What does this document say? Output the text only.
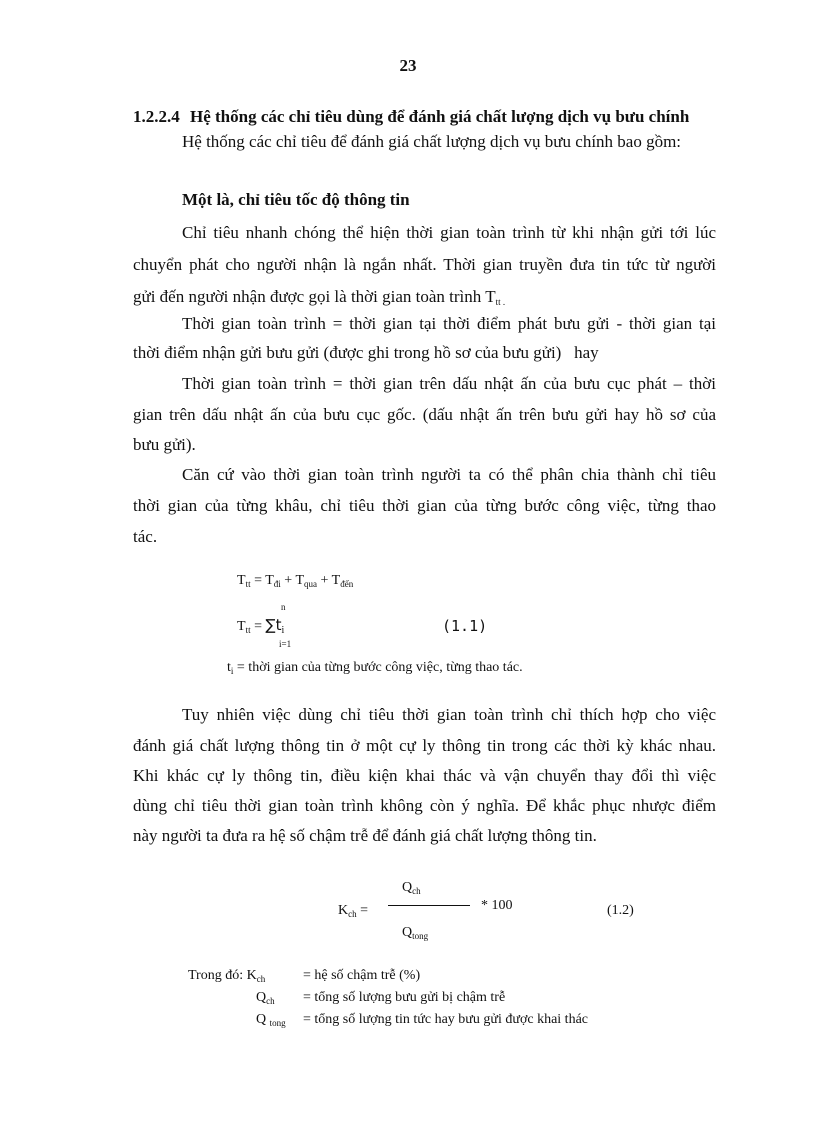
23
1.2.2.4 Hệ thống các chỉ tiêu dùng để đánh giá chất lượng dịch vụ bưu chính
Hệ thống các chỉ tiêu để đánh giá chất lượng dịch vụ bưu chính bao gồm:
Một là, chỉ tiêu tốc độ thông tin
Chỉ tiêu nhanh chóng thể hiện thời gian toàn trình từ khi nhận gửi tới lúc
chuyển phát cho người nhận là ngắn nhất. Thời gian truyền đưa tin tức từ người
gửi đến người nhận được gọi là thời gian toàn trình $T_{tt .}$
Thời gian toàn trình = thời gian tại thời điểm phát bưu gửi - thời gian tại
thời điểm nhận gửi bưu gửi (được ghi trong hồ sơ của bưu gửi)   hay
Thời gian toàn trình = thời gian trên dấu nhật ấn của bưu cục phát – thời
gian trên dấu nhật ấn của bưu cục gốc. (dấu nhật ấn trên bưu gửi hay hồ sơ của
bưu gửi).
Căn cứ vào thời gian toàn trình người ta có thể phân chia thành chỉ tiêu
thời gian của từng khâu, chỉ tiêu thời gian của từng bước công việc, từng thao
tác.
$T_{tt} = T_{đi} + T_{qua} + T_{đến}$
n
$T_{tt} = \sum t_i$
i=1
(1.1)
$t_i$ = thời gian của từng bước công việc, từng thao tác.
Tuy nhiên việc dùng chỉ tiêu thời gian toàn trình chỉ thích hợp cho việc
đánh giá chất lượng thông tin ở một cự ly thông tin trong các thời kỳ khác nhau.
Khi khác cự ly thông tin, điều kiện khai thác và vận chuyển thay đổi thì việc
dùng chỉ tiêu thời gian toàn trình không còn ý nghĩa. Để khắc phục nhược điểm
này người ta đưa ra hệ số chậm trễ để đánh giá chất lượng thông tin.
$Q_{ch}$
$K_{ch}$ =	* 100	(1.2)
$Q_{tong}$
Trong đó: $K_{ch}$	= hệ số chậm trễ (%)
$Q_{ch}$ = tổng số lượng bưu gửi bị chậm trễ
Q $_{tong}$ = tổng số lượng tin tức hay bưu gửi được khai thác
